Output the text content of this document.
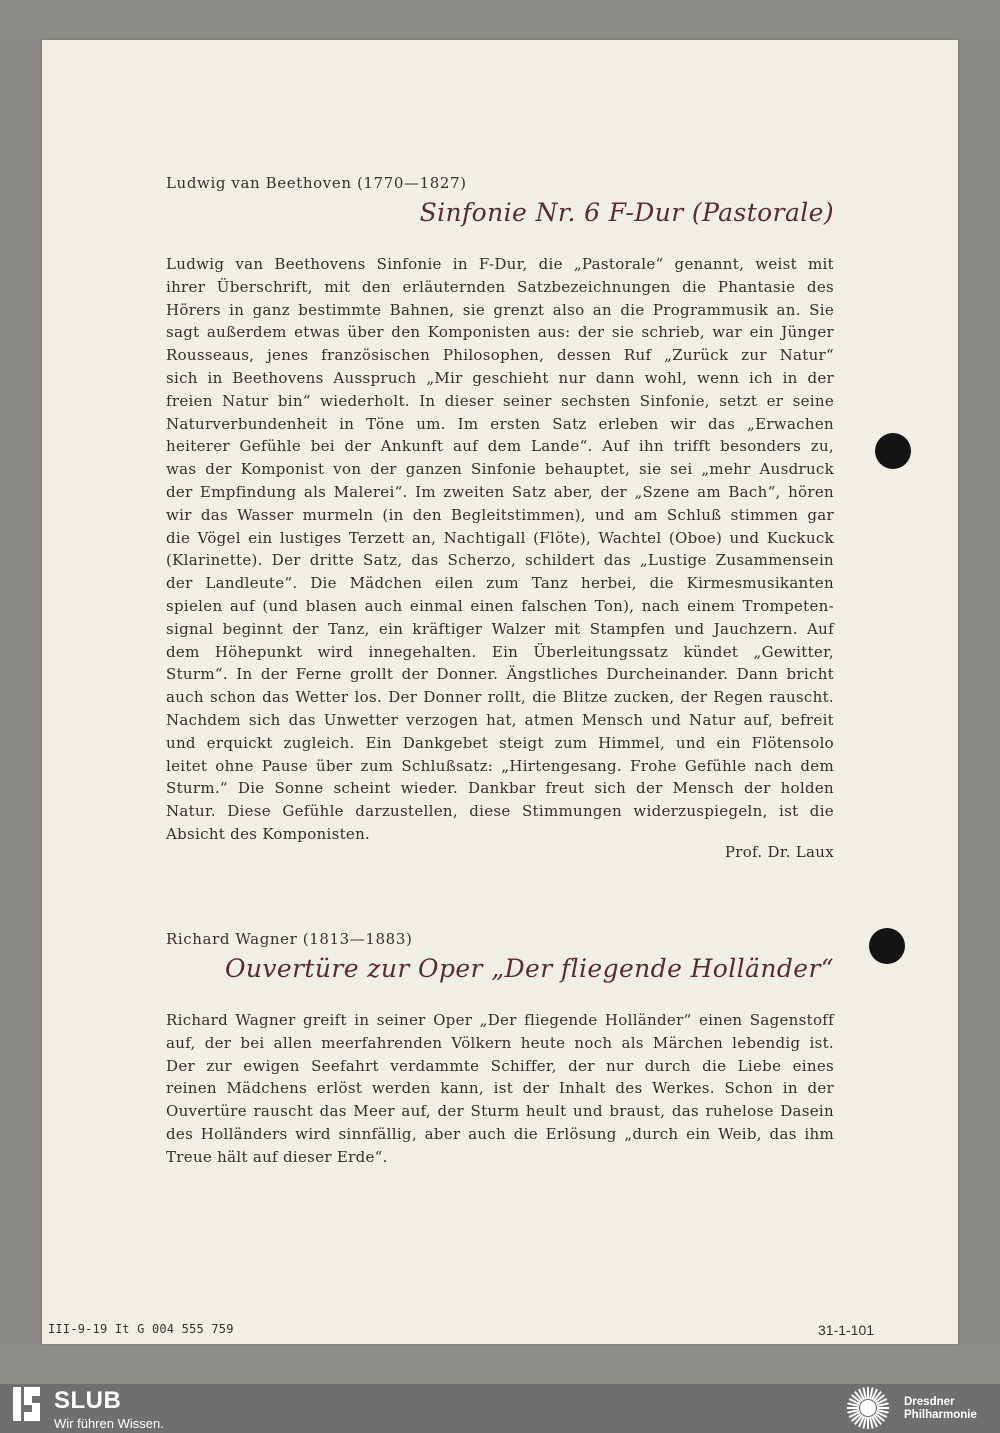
Ludwig van Beethoven (1770—1827)
Sinfonie Nr. 6 F-Dur (Pastorale)
Ludwig van Beethovens Sinfonie in F-Dur, die „Pastorale“ genannt, weist mit
ihrer Überschrift, mit den erläuternden Satzbezeichnungen die Phantasie des
Hörers in ganz bestimmte Bahnen, sie grenzt also an die Programmusik an. Sie
sagt außerdem etwas über den Komponisten aus: der sie schrieb, war ein Jünger
Rousseaus, jenes französischen Philosophen, dessen Ruf „Zurück zur Natur“
sich in Beethovens Ausspruch „Mir geschieht nur dann wohl, wenn ich in der
freien Natur bin“ wiederholt. In dieser seiner sechsten Sinfonie, setzt er seine
Naturverbundenheit in Töne um. Im ersten Satz erleben wir das „Erwachen
heiterer Gefühle bei der Ankunft auf dem Lande“. Auf ihn trifft besonders zu,
was der Komponist von der ganzen Sinfonie behauptet, sie sei „mehr Ausdruck
der Empfindung als Malerei“. Im zweiten Satz aber, der „Szene am Bach“, hören
wir das Wasser murmeln (in den Begleitstimmen), und am Schluß stimmen gar
die Vögel ein lustiges Terzett an, Nachtigall (Flöte), Wachtel (Oboe) und Kuckuck
(Klarinette). Der dritte Satz, das Scherzo, schildert das „Lustige Zusammensein
der Landleute“. Die Mädchen eilen zum Tanz herbei, die Kirmesmusikanten
spielen auf (und blasen auch einmal einen falschen Ton), nach einem Trompeten-
signal beginnt der Tanz, ein kräftiger Walzer mit Stampfen und Jauchzern. Auf
dem Höhepunkt wird innegehalten. Ein Überleitungssatz kündet „Gewitter,
Sturm“. In der Ferne grollt der Donner. Ängstliches Durcheinander. Dann bricht
auch schon das Wetter los. Der Donner rollt, die Blitze zucken, der Regen rauscht.
Nachdem sich das Unwetter verzogen hat, atmen Mensch und Natur auf, befreit
und erquickt zugleich. Ein Dankgebet steigt zum Himmel, und ein Flötensolo
leitet ohne Pause über zum Schlußsatz: „Hirtengesang. Frohe Gefühle nach dem
Sturm.“ Die Sonne scheint wieder. Dankbar freut sich der Mensch der holden
Natur. Diese Gefühle darzustellen, diese Stimmungen widerzuspiegeln, ist die
Absicht des Komponisten.
Prof. Dr. Laux
Richard Wagner (1813—1883)
Ouvertüre zur Oper „Der fliegende Holländer“
Richard Wagner greift in seiner Oper „Der fliegende Holländer“ einen Sagenstoff
auf, der bei allen meerfahrenden Völkern heute noch als Märchen lebendig ist.
Der zur ewigen Seefahrt verdammte Schiffer, der nur durch die Liebe eines
reinen Mädchens erlöst werden kann, ist der Inhalt des Werkes. Schon in der
Ouvertüre rauscht das Meer auf, der Sturm heult und braust, das ruhelose Dasein
des Holländers wird sinnfällig, aber auch die Erlösung „durch ein Weib, das ihm
Treue hält auf dieser Erde“.
III-9-19 It G 004 555 759	31-1-101
SLUB
Wir führen Wissen.
Dresdner
Philharmonie
